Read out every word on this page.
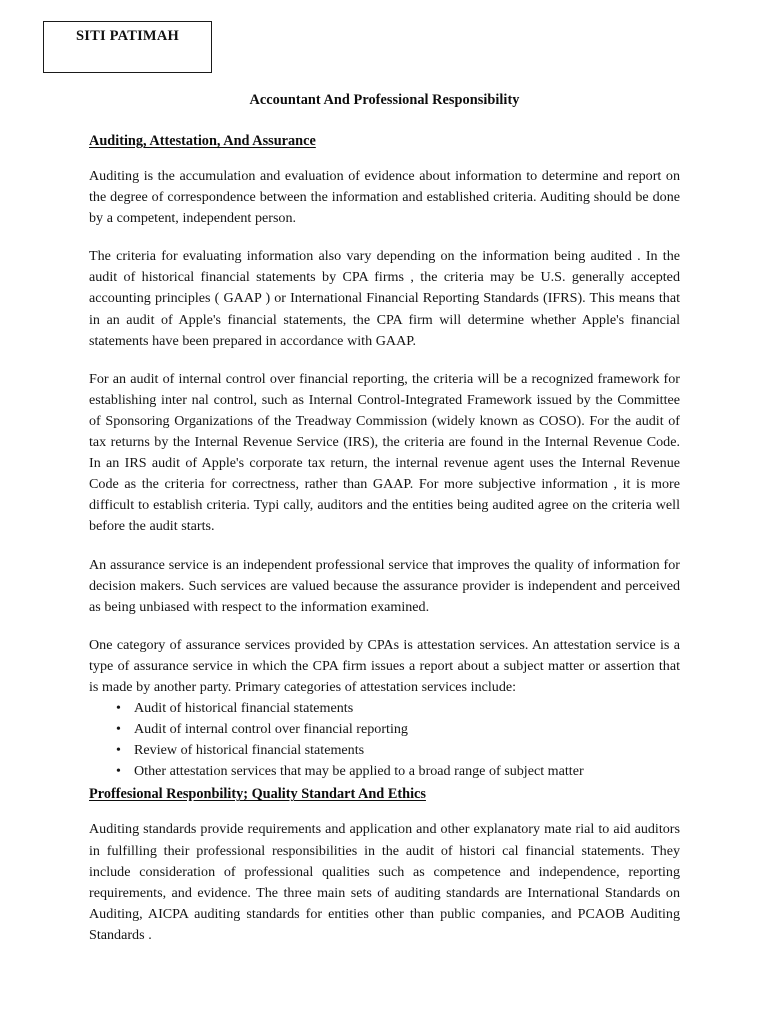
SITI PATIMAH
Accountant And Professional Responsibility
Auditing, Attestation, And Assurance

Auditing is the accumulation and evaluation of evidence about information to determine and report on the degree of correspondence between the information and established criteria. Auditing should be done by a competent, independent person.

The criteria for evaluating information also vary depending on the information being audited . In the audit of historical financial statements by CPA firms , the criteria may be U.S. generally accepted accounting principles ( GAAP ) or International Financial Reporting Standards (IFRS). This means that in an audit of Apple's financial statements, the CPA firm will determine whether Apple's financial statements have been prepared in accordance with GAAP.

For an audit of internal control over financial reporting, the criteria will be a recognized framework for establishing inter nal control, such as Internal Control-Integrated Framework issued by the Committee of Sponsoring Organizations of the Treadway Commission (widely known as COSO). For the audit of tax returns by the Internal Revenue Service (IRS), the criteria are found in the Internal Revenue Code. In an IRS audit of Apple's corporate tax return, the internal revenue agent uses the Internal Revenue Code as the criteria for correctness, rather than GAAP. For more subjective information , it is more difficult to establish criteria. Typi cally, auditors and the entities being audited agree on the criteria well before the audit starts.

An assurance service is an independent professional service that improves the quality of information for decision makers. Such services are valued because the assurance provider is independent and perceived as being unbiased with respect to the information examined.

One category of assurance services provided by CPAs is attestation services. An attestation service is a type of assurance service in which the CPA firm issues a report about a subject matter or assertion that is made by another party. Primary categories of attestation services include:

• Audit of historical financial statements
• Audit of internal control over financial reporting
• Review of historical financial statements
• Other attestation services that may be applied to a broad range of subject matter
Proffesional Responbility; Quality Standart And Ethics

Auditing standards provide requirements and application and other explanatory mate rial to aid auditors in fulfilling their professional responsibilities in the audit of histori cal financial statements. They include consideration of professional qualities such as competence and independence, reporting requirements, and evidence. The three main sets of auditing standards are International Standards on Auditing, AICPA auditing standards for entities other than public companies, and PCAOB Auditing Standards .
